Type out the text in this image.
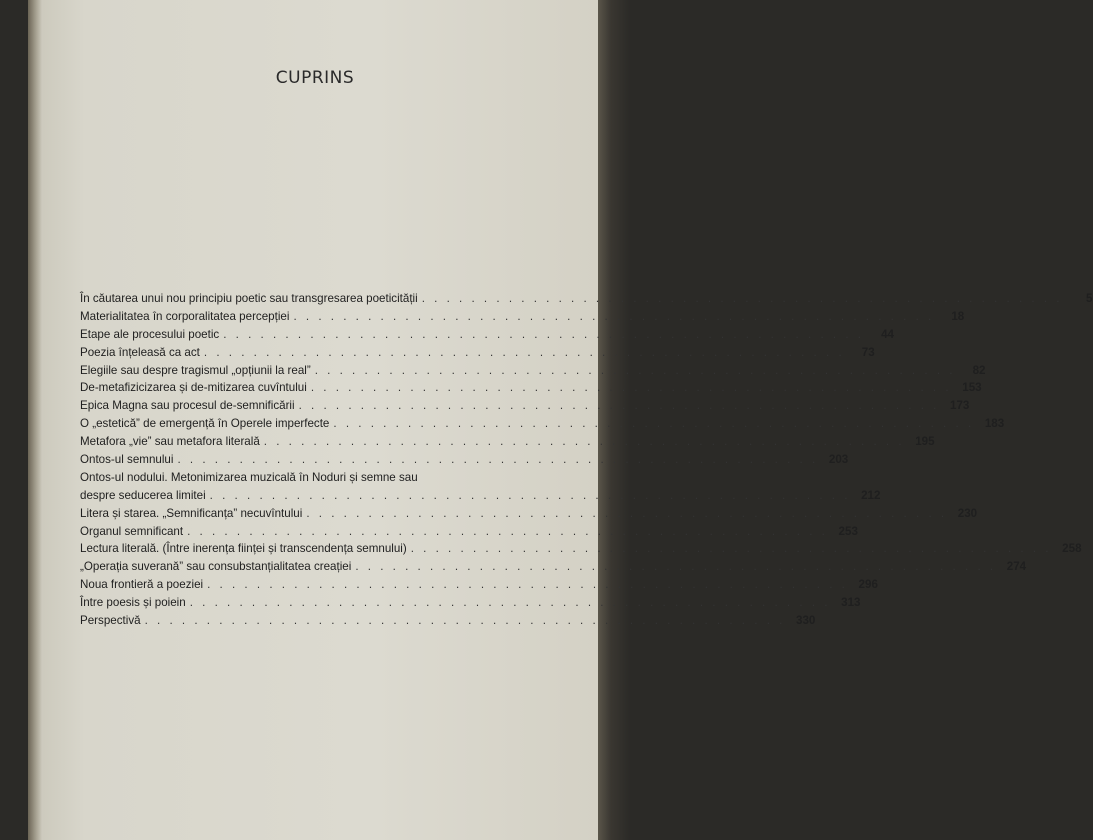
CUPRINS
În căutarea unui nou principiu poetic sau transgresarea poeticității . . .	5
Materialitatea în corporalitatea percepției . . .	18
Etape ale procesului poetic . . .	44
Poezia înțeleasă ca act . . .	73
Elegiile sau despre tragismul „opțiunii la real” . . .	82
De-metafizicizarea și de-mitizarea cuvîntului . . .	153
Epica Magna sau procesul de-semnificării . . .	173
O „estetică” de emergență în Operele imperfecte . . .	183
Metafora „vie” sau metafora literală . . .	195
Ontos-ul semnului . . .	203
Ontos-ul nodului. Metonimizarea muzicală în Noduri și semne sau
despre seducerea limitei . . .	212
Litera și starea. „Semnificanța” necuvîntului . . .	230
Organul semnificant . . .	253
Lectura literală. (Între inerența ființei și transcendența semnului) . . .	258
„Operația suverană” sau consubstanțialitatea creației . . .	274
Noua frontieră a poeziei . . .	296
Între poesis și poiein . . .	313
Perspectivă . . .	330
